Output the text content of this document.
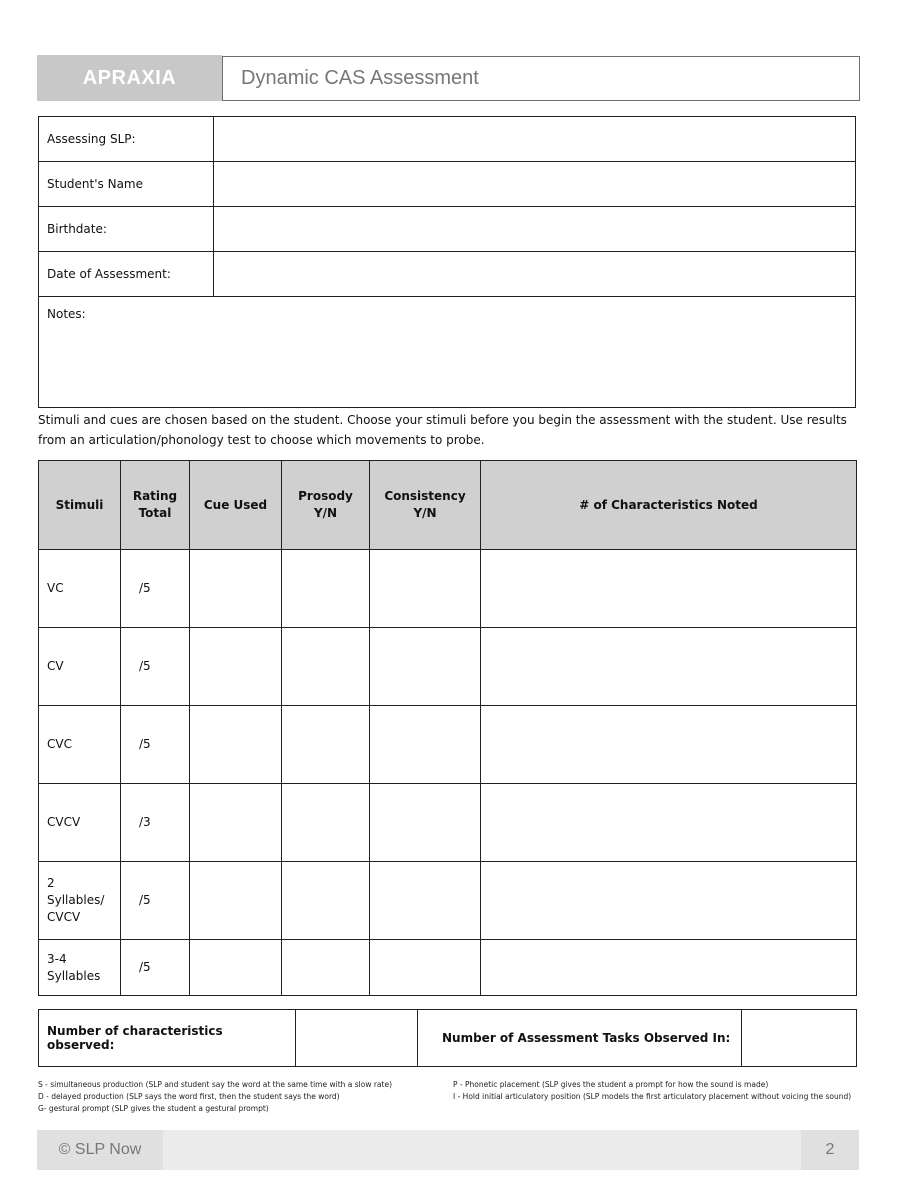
APRAXIA	Dynamic CAS Assessment
Assessing SLP:	
Student's Name	
Birthdate:	
Date of Assessment:	
Notes:	
Stimuli and cues are chosen based on the student. Choose your stimuli before you begin the assessment with the student. Use results from an articulation/phonology test to choose which movements to probe.
Stimuli	Rating Total	Cue Used	Prosody Y/N	Consistency Y/N	# of Characteristics Noted
VC	/5				
CV	/5				
CVC	/5				
CVCV	/3				
2 Syllables/ CVCV	/5				
3-4 Syllables	/5				
Number of characteristics observed:		Number of Assessment Tasks Observed In:	
S - simultaneous production (SLP and student say the word at the same time with a slow rate)
D - delayed production (SLP says the word first, then the student says the word)
G- gestural prompt (SLP gives the student a gestural prompt)
P - Phonetic placement (SLP gives the student a prompt for how the sound is made)
I - Hold initial articulatory position (SLP models the first articulatory placement without voicing the sound)
© SLP Now	2
